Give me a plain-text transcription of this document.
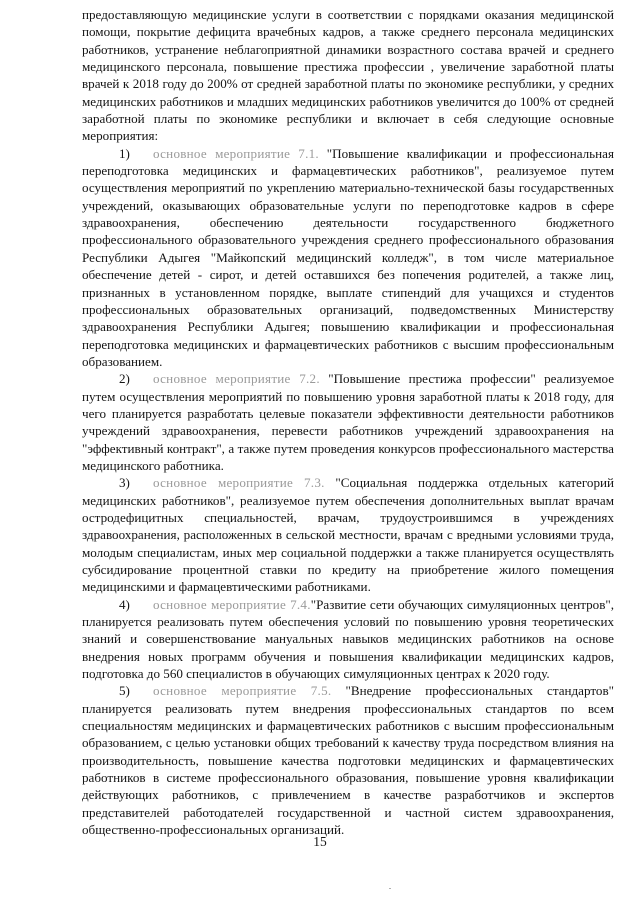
предоставляющую медицинские услуги в соответствии с порядками оказания медицинской помощи, покрытие дефицита врачебных кадров, а также среднего персонала медицинских работников, устранение неблагоприятной динамики возрастного состава врачей и среднего медицинского персонала, повышение престижа профессии , увеличение заработной платы врачей к 2018 году до 200% от средней заработной платы по экономике республики, у средних медицинских работников и младших медицинских работников увеличится до 100% от средней заработной платы по экономике республики и включает в себя следующие основные мероприятия:

1) основное мероприятие 7.1. "Повышение квалификации и профессиональная переподготовка медицинских и фармацевтических работников", реализуемое путем осуществления мероприятий по укреплению материально-технической базы государственных учреждений, оказывающих образовательные услуги по переподготовке кадров в сфере здравоохранения, обеспечению деятельности государственного бюджетного профессионального образовательного учреждения среднего профессионального образования Республики Адыгея "Майкопский медицинский колледж", в том числе материальное обеспечение детей - сирот, и детей оставшихся без попечения родителей, а также лиц, признанных в установленном порядке, выплате стипендий для учащихся и студентов профессиональных образовательных организаций, подведомственных Министерству здравоохранения Республики Адыгея; повышению квалификации и профессиональная переподготовка медицинских и фармацевтических работников с высшим профессиональным образованием.

2) основное мероприятие 7.2. "Повышение престижа профессии" реализуемое путем осуществления мероприятий по повышению уровня заработной платы к 2018 году, для чего планируется разработать целевые показатели эффективности деятельности работников учреждений здравоохранения, перевести работников учреждений здравоохранения на "эффективный контракт", а также путем проведения конкурсов профессионального мастерства медицинского работника.

3) основное мероприятие 7.3. "Социальная поддержка отдельных категорий медицинских работников", реализуемое путем обеспечения дополнительных выплат врачам остродефицитных специальностей, врачам, трудоустроившимся в учреждениях здравоохранения, расположенных в сельской местности, врачам с вредными условиями труда, молодым специалистам, иных мер социальной поддержки а также планируется осуществлять субсидирование процентной ставки по кредиту на приобретение жилого помещения медицинскими и фармацевтическими работниками.

4) основное мероприятие 7.4."Развитие сети обучающих симуляционных центров", планируется реализовать путем обеспечения условий по повышению уровня теоретических знаний и совершенствование мануальных навыков медицинских работников на основе внедрения новых программ обучения и повышения квалификации медицинских кадров, подготовка до 560 специалистов в обучающих симуляционных центрах к 2020 году.

5) основное мероприятие 7.5. "Внедрение профессиональных стандартов" планируется реализовать путем внедрения профессиональных стандартов по всем специальностям медицинских и фармацевтических работников с высшим профессиональным образованием, с целью установки общих требований к качеству труда посредством влияния на производительность, повышение качества подготовки медицинских и фармацевтических работников в системе профессионального образования, повышение уровня квалификации действующих работников, с привлечением в качестве разработчиков и экспертов представителей работодателей государственной и частной систем здравоохранения, общественно-профессиональных организаций.

15
